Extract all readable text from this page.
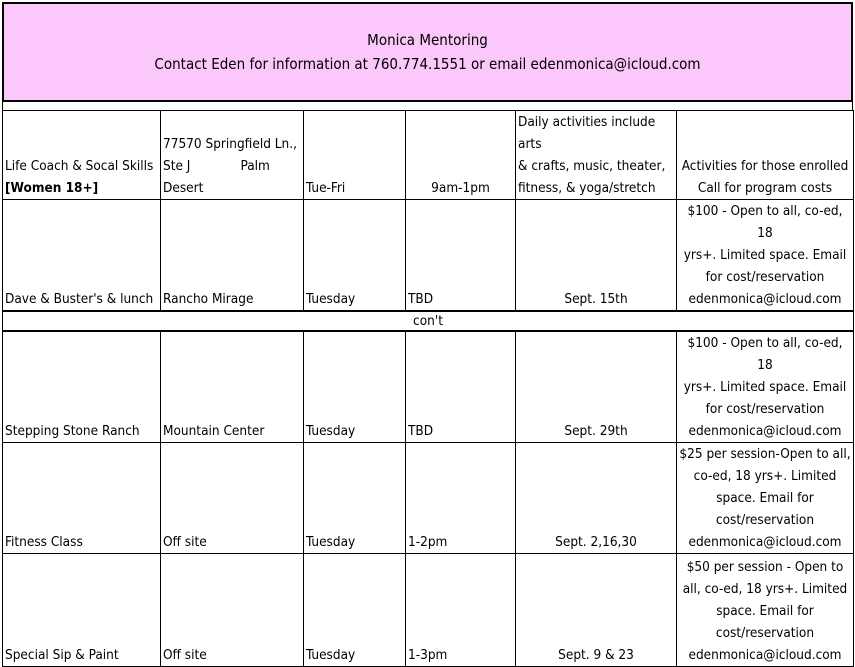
Monica Mentoring
Contact Eden for information at 760.774.1551 or email edenmonica@icloud.com
Life Coach & Socal Skills
[Women 18+]	77570 Springfield Ln.,
Ste J             Palm
Desert	Tue-Fri	9am-1pm	Daily activities include arts
& crafts, music, theater,
fitness, & yoga/stretch	Activities for those enrolled
Call for program costs

Dave & Buster's & lunch	Rancho Mirage	Tuesday	TBD	Sept. 15th	$100 - Open to all, co-ed, 18
yrs+. Limited space. Email
for cost/reservation
edenmonica@icloud.com

con't					
Stepping Stone Ranch	Mountain Center	Tuesday	TBD	Sept. 29th	$100 - Open to all, co-ed, 18
yrs+. Limited space. Email
for cost/reservation
edenmonica@icloud.com

Fitness Class	Off site	Tuesday	1-2pm	Sept. 2,16,30	$25 per session-Open to all,
co-ed, 18 yrs+. Limited
space. Email for
cost/reservation
edenmonica@icloud.com

Special Sip & Paint	Off site	Tuesday	1-3pm	Sept. 9 & 23	$50 per session - Open to
all, co-ed, 18 yrs+. Limited
space. Email for
cost/reservation
edenmonica@icloud.com
